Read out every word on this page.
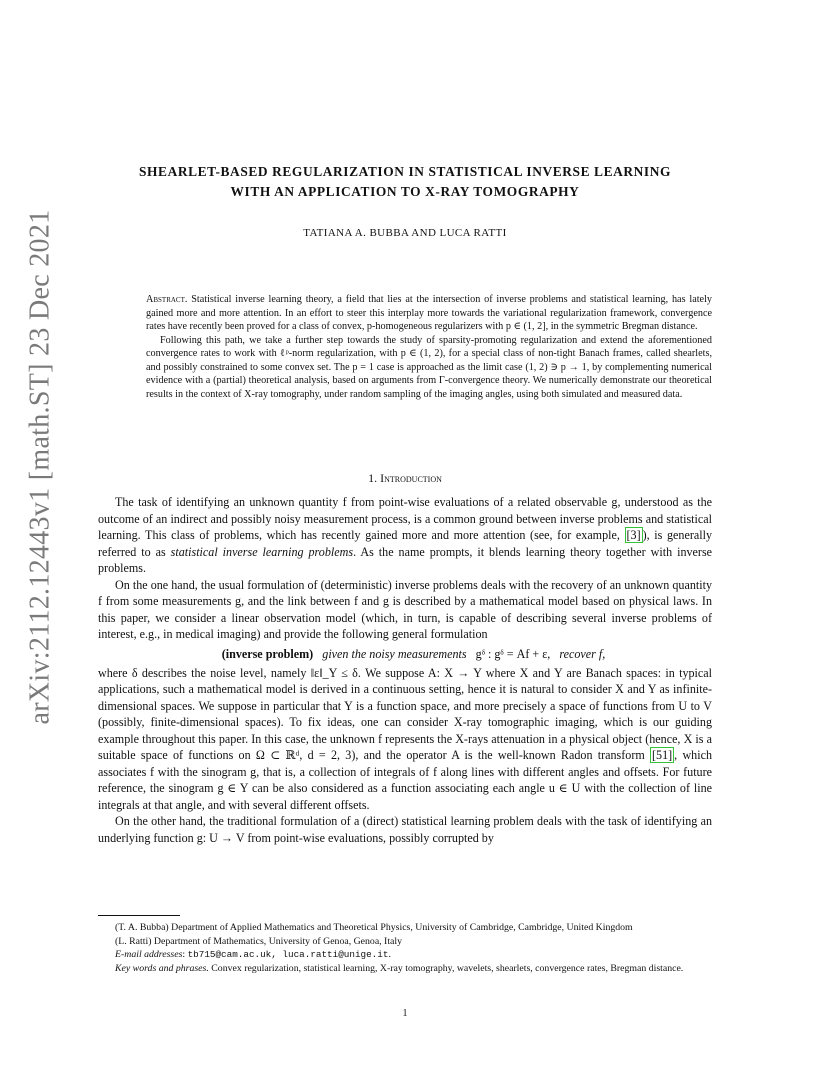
arXiv:2112.12443v1 [math.ST] 23 Dec 2021
SHEARLET-BASED REGULARIZATION IN STATISTICAL INVERSE LEARNING
WITH AN APPLICATION TO X-RAY TOMOGRAPHY
TATIANA A. BUBBA AND LUCA RATTI

Abstract. Statistical inverse learning theory, a field that lies at the intersection of inverse problems and statistical learning, has lately gained more and more attention. In an effort to steer this interplay more towards the variational regularization framework, convergence rates have recently been proved for a class of convex, p-homogeneous regularizers with p ∈ (1, 2], in the symmetric Bregman distance.

Following this path, we take a further step towards the study of sparsity-promoting regularization and extend the aforementioned convergence rates to work with ℓᵖ-norm regularization, with p ∈ (1, 2), for a special class of non-tight Banach frames, called shearlets, and possibly constrained to some convex set. The p = 1 case is approached as the limit case (1, 2) ∋ p → 1, by complementing numerical evidence with a (partial) theoretical analysis, based on arguments from Γ-convergence theory. We numerically demonstrate our theoretical results in the context of X-ray tomography, under random sampling of the imaging angles, using both simulated and measured data.

1. Introduction

The task of identifying an unknown quantity f from point-wise evaluations of a related observable g, understood as the outcome of an indirect and possibly noisy measurement process, is a common ground between inverse problems and statistical learning. This class of problems, which has recently gained more and more attention (see, for example, [3] ), is generally referred to as statistical inverse learning problems. As the name prompts, it blends learning theory together with inverse problems.

On the one hand, the usual formulation of (deterministic) inverse problems deals with the recovery of an unknown quantity f from some measurements g, and the link between f and g is described by a mathematical model based on physical laws. In this paper, we consider a linear observation model (which, in turn, is capable of describing several inverse problems of interest, e.g., in medical imaging) and provide the following general formulation

(inverse problem) given the noisy measurements gᵟ : gᵟ = Af + ε, recover f,

where δ describes the noise level, namely ‖ε‖_Y ≤ δ. We suppose A: X → Y where X and Y are Banach spaces: in typical applications, such a mathematical model is derived in a continuous setting, hence it is natural to consider X and Y as infinite-dimensional spaces. We suppose in particular that Y is a function space, and more precisely a space of functions from U to V (possibly, finite-dimensional spaces). To fix ideas, one can consider X-ray tomographic imaging, which is our guiding example throughout this paper. In this case, the unknown f represents the X-rays attenuation in a physical object (hence, X is a suitable space of functions on Ω ⊂ ℝᵈ, d = 2, 3), and the operator A is the well-known Radon transform [51] , which associates f with the sinogram g, that is, a collection of integrals of f along lines with different angles and offsets. For future reference, the sinogram g ∈ Y can be also considered as a function associating each angle u ∈ U with the collection of line integrals at that angle, and with several different offsets.

On the other hand, the traditional formulation of a (direct) statistical learning problem deals with the task of identifying an underlying function g: U → V from point-wise evaluations, possibly corrupted by

(T. A. Bubba) Department of Applied Mathematics and Theoretical Physics, University of Cambridge, Cambridge, United Kingdom

(L. Ratti) Department of Mathematics, University of Genoa, Genoa, Italy

E-mail addresses: tb715@cam.ac.uk, luca.ratti@unige.it.

Key words and phrases. Convex regularization, statistical learning, X-ray tomography, wavelets, shearlets, convergence rates, Bregman distance.

1
